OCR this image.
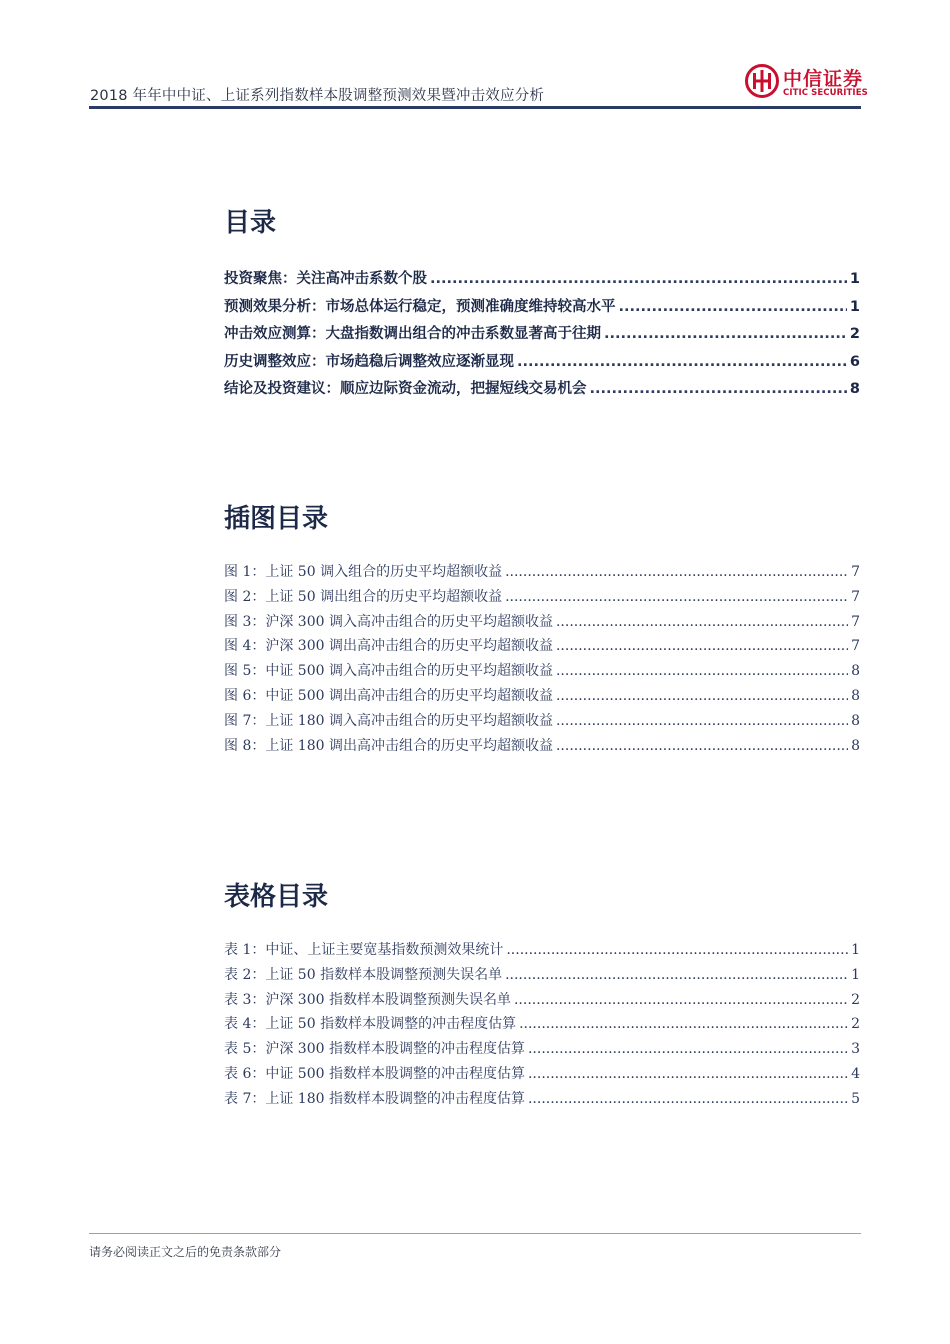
2018 年年中中证、上证系列指数样本股调整预测效果暨冲击效应分析
中信证券
CITIC SECURITIES
目录
投资聚焦：关注高冲击系数个股 .....	1
预测效果分析：市场总体运行稳定，预测准确度维持较高水平 .....	1
冲击效应测算：大盘指数调出组合的冲击系数显著高于往期 .....	2
历史调整效应：市场趋稳后调整效应逐渐显现 .....	6
结论及投资建议：顺应边际资金流动，把握短线交易机会 .....	8
插图目录
图 1：上证 50 调入组合的历史平均超额收益 .....	7
图 2：上证 50 调出组合的历史平均超额收益 .....	7
图 3：沪深 300 调入高冲击组合的历史平均超额收益 .....	7
图 4：沪深 300 调出高冲击组合的历史平均超额收益 .....	7
图 5：中证 500 调入高冲击组合的历史平均超额收益 .....	8
图 6：中证 500 调出高冲击组合的历史平均超额收益 .....	8
图 7：上证 180 调入高冲击组合的历史平均超额收益 .....	8
图 8：上证 180 调出高冲击组合的历史平均超额收益 .....	8
表格目录
表 1：中证、上证主要宽基指数预测效果统计 .....	1
表 2：上证 50 指数样本股调整预测失误名单 .....	1
表 3：沪深 300 指数样本股调整预测失误名单 .....	2
表 4：上证 50 指数样本股调整的冲击程度估算 .....	2
表 5：沪深 300 指数样本股调整的冲击程度估算 .....	3
表 6：中证 500 指数样本股调整的冲击程度估算 .....	4
表 7：上证 180 指数样本股调整的冲击程度估算 .....	5
请务必阅读正文之后的免责条款部分
